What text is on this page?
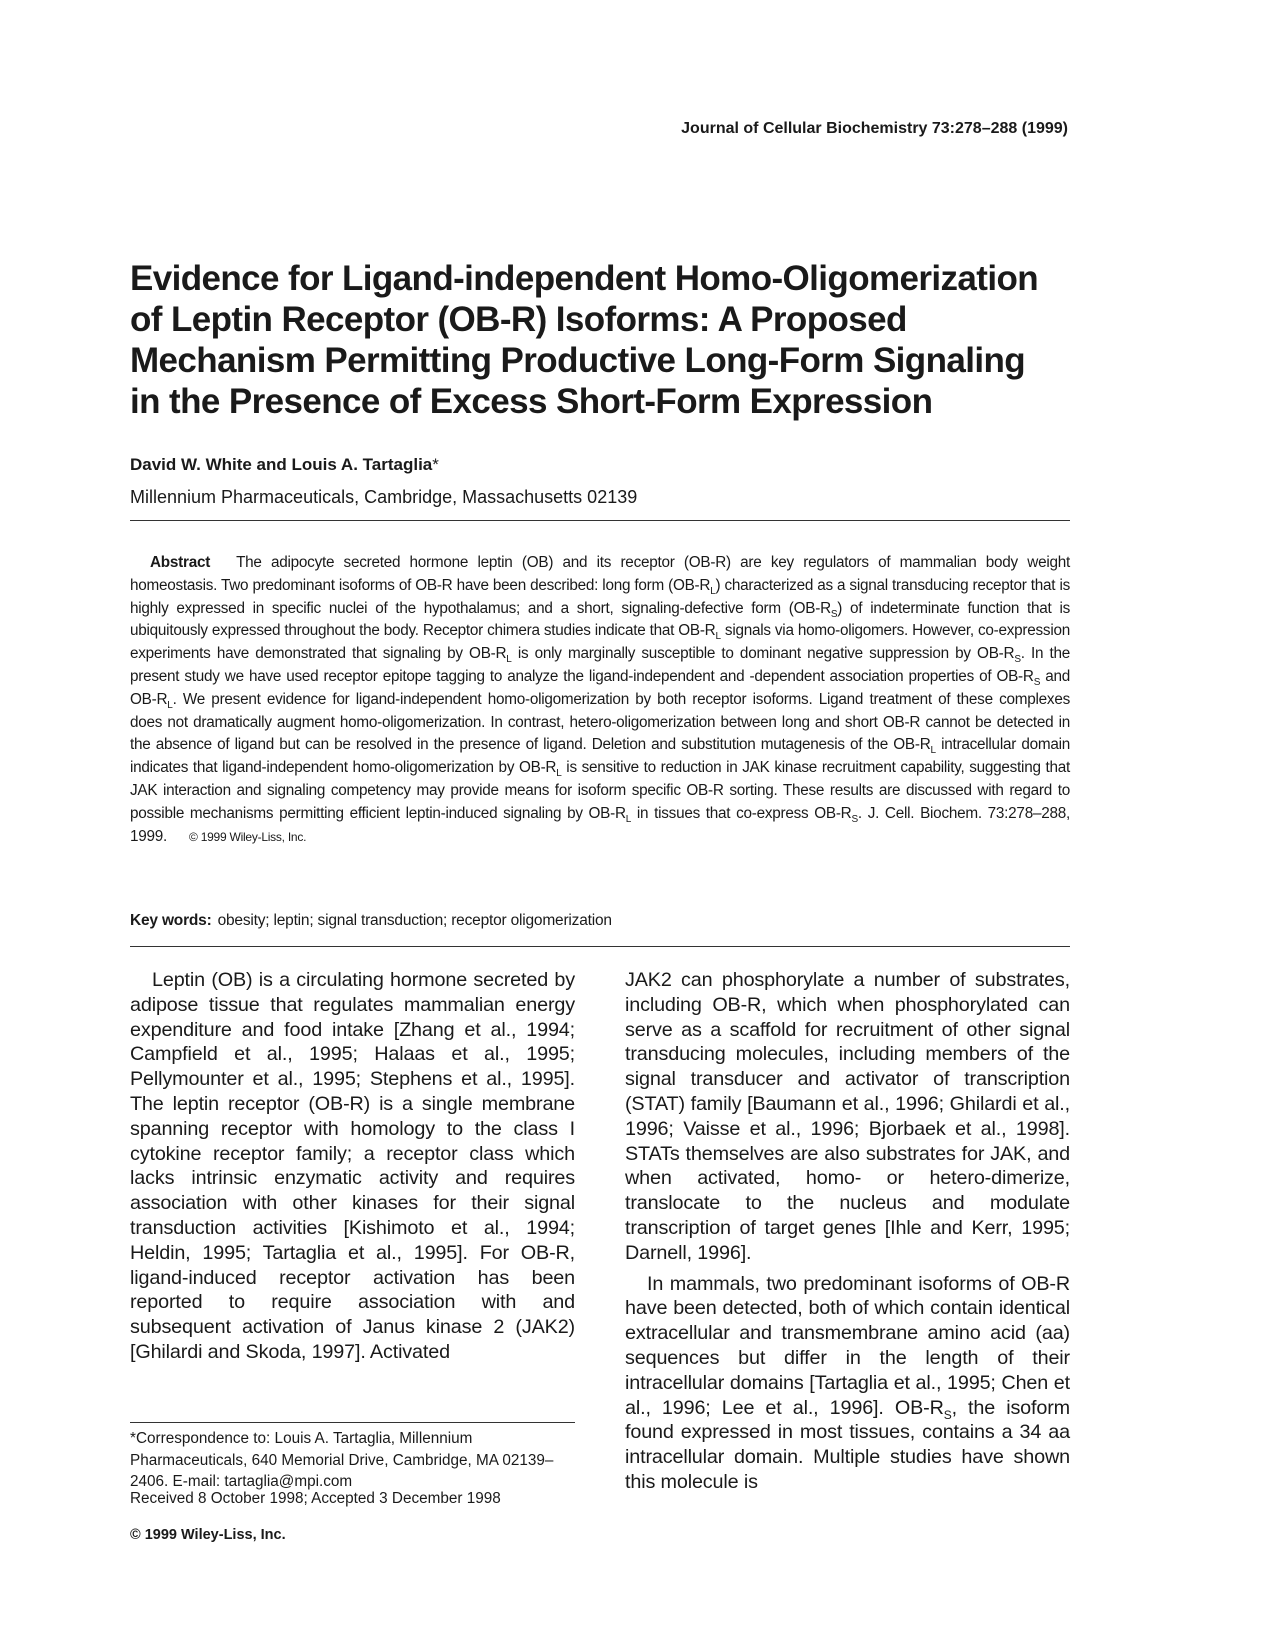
Journal of Cellular Biochemistry 73:278–288 (1999)
Evidence for Ligand-independent Homo-Oligomerization
of Leptin Receptor (OB-R) Isoforms: A Proposed
Mechanism Permitting Productive Long-Form Signaling
in the Presence of Excess Short-Form Expression
David W. White and Louis A. Tartaglia*
Millennium Pharmaceuticals, Cambridge, Massachusetts 02139
Abstract The adipocyte secreted hormone leptin (OB) and its receptor (OB-R) are key regulators of mammalian body weight homeostasis. Two predominant isoforms of OB-R have been described: long form $(OB-R_L)$ characterized as a signal transducing receptor that is highly expressed in specific nuclei of the hypothalamus; and a short, signaling-defective form $(OB-R_S)$ of indeterminate function that is ubiquitously expressed throughout the body. Receptor chimera studies indicate that $OB-R_L$ signals via homo-oligomers. However, co-expression experiments have demonstrated that signaling by $OB-R_L$ is only marginally susceptible to dominant negative suppression by $OB-R_S$. In the present study we have used receptor epitope tagging to analyze the ligand-independent and -dependent association properties of $OB-R_S$ and $OB-R_L$. We present evidence for ligand-independent homo-oligomerization by both receptor isoforms. Ligand treatment of these complexes does not dramatically augment homo-oligomerization. In contrast, hetero-oligomerization between long and short OB-R cannot be detected in the absence of ligand but can be resolved in the presence of ligand. Deletion and substitution mutagenesis of the $OB-R_L$ intracellular domain indicates that ligand-independent homo-oligomerization by $OB-R_L$ is sensitive to reduction in JAK kinase recruitment capability, suggesting that JAK interaction and signaling competency may provide means for isoform specific OB-R sorting. These results are discussed with regard to possible mechanisms permitting efficient leptin-induced signaling by $OB-R_L$ in tissues that co-express $OB-R_S$. J. Cell. Biochem. 73:278–288, 1999. © 1999 Wiley-Liss, Inc.
Key words: obesity; leptin; signal transduction; receptor oligomerization

Leptin (OB) is a circulating hormone secreted by adipose tissue that regulates mammalian energy expenditure and food intake [Zhang et al., 1994; Campfield et al., 1995; Halaas et al., 1995; Pellymounter et al., 1995; Stephens et al., 1995]. The leptin receptor (OB-R) is a single membrane spanning receptor with homology to the class I cytokine receptor family; a receptor class which lacks intrinsic enzymatic activity and requires association with other kinases for their signal transduction activities [Kishimoto et al., 1994; Heldin, 1995; Tartaglia et al., 1995]. For OB-R, ligand-induced receptor activation has been reported to require association with and subsequent activation of Janus kinase 2 (JAK2) [Ghilardi and Skoda, 1997]. Activated

JAK2 can phosphorylate a number of substrates, including OB-R, which when phosphorylated can serve as a scaffold for recruitment of other signal transducing molecules, including members of the signal transducer and activator of transcription (STAT) family [Baumann et al., 1996; Ghilardi et al., 1996; Vaisse et al., 1996; Bjorbaek et al., 1998]. STATs themselves are also substrates for JAK, and when activated, homo- or hetero-dimerize, translocate to the nucleus and modulate transcription of target genes [Ihle and Kerr, 1995; Darnell, 1996].

In mammals, two predominant isoforms of OB-R have been detected, both of which contain identical extracellular and transmembrane amino acid (aa) sequences but differ in the length of their intracellular domains [Tartaglia et al., 1995; Chen et al., 1996; Lee et al., 1996]. $OB-R_S$, the isoform found expressed in most tissues, contains a 34 aa intracellular domain. Multiple studies have shown this molecule is

*Correspondence to: Louis A. Tartaglia, Millennium Pharmaceuticals, 640 Memorial Drive, Cambridge, MA 02139–2406. E-mail: tartaglia@mpi.com
Received 8 October 1998; Accepted 3 December 1998
© 1999 Wiley-Liss, Inc.
